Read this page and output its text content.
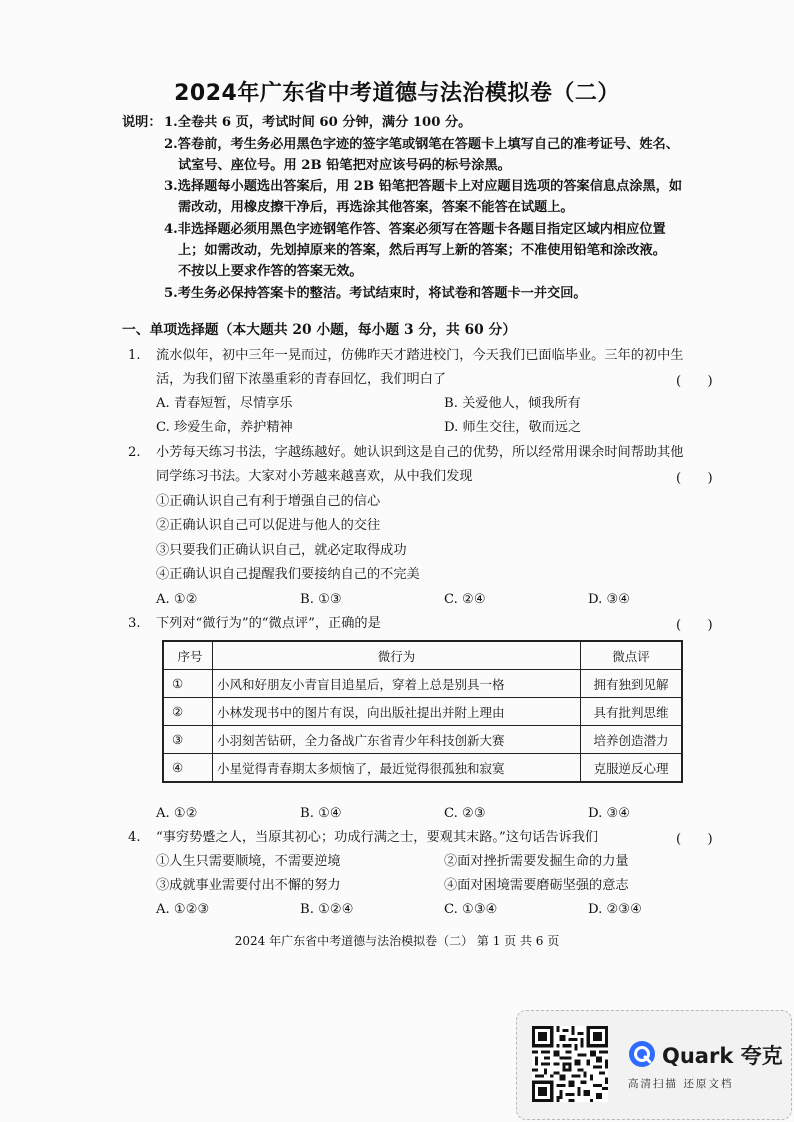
2024年广东省中考道德与法治模拟卷（二）
说明： 1.全卷共 6 页，考试时间 60 分钟，满分 100 分。
2.答卷前，考生务必用黑色字迹的签字笔或钢笔在答题卡上填写自己的准考证号、姓名、
试室号、座位号。用 2B 铅笔把对应该号码的标号涂黑。
3.选择题每小题选出答案后，用 2B 铅笔把答题卡上对应题目选项的答案信息点涂黑，如
需改动，用橡皮擦干净后，再选涂其他答案，答案不能答在试题上。
4.非选择题必须用黑色字迹钢笔作答、答案必须写在答题卡各题目指定区域内相应位置
上；如需改动，先划掉原来的答案，然后再写上新的答案；不准使用铅笔和涂改液。
不按以上要求作答的答案无效。
5.考生务必保持答案卡的整洁。考试结束时，将试卷和答题卡一并交回。
一、单项选择题（本大题共 20 小题，每小题 3 分，共 60 分）
1. 流水似年，初中三年一晃而过，仿佛昨天才踏进校门，今天我们已面临毕业。三年的初中生
活，为我们留下浓墨重彩的青春回忆，我们明白了	(　　)
A. 青春短暂，尽情享乐	B. 关爱他人，倾我所有
C. 珍爱生命，养护精神	D. 师生交往，敬而远之
2. 小芳每天练习书法，字越练越好。她认识到这是自己的优势，所以经常用课余时间帮助其他
同学练习书法。大家对小芳越来越喜欢，从中我们发现	(　　)
①正确认识自己有利于增强自己的信心
②正确认识自己可以促进与他人的交往
③只要我们正确认识自己，就必定取得成功
④正确认识自己提醒我们要接纳自己的不完美
A. ①②	B. ①③	C. ②④	D. ③④
3. 下列对“微行为”的“微点评”，正确的是	(　　)
序号	微行为	微点评
①	小风和好朋友小青盲目追星后，穿着上总是别具一格	拥有独到见解
②	小林发现书中的图片有误，向出版社提出并附上理由	具有批判思维
③	小羽刻苦钻研，全力备战广东省青少年科技创新大赛	培养创造潜力
④	小星觉得青春期太多烦恼了，最近觉得很孤独和寂寞	克服逆反心理
A. ①②	B. ①④	C. ②③	D. ③④
4. “事穷势蹙之人，当原其初心；功成行满之士，要观其末路。”这句话告诉我们	(　　)
①人生只需要顺境，不需要逆境	②面对挫折需要发掘生命的力量
③成就事业需要付出不懈的努力	④面对困境需要磨砺坚强的意志
A. ①②③	B. ①②④	C. ①③④	D. ②③④
2024 年广东省中考道德与法治模拟卷（二） 第 1 页 共 6 页
Quark 夸克
高清扫描 还原文档
